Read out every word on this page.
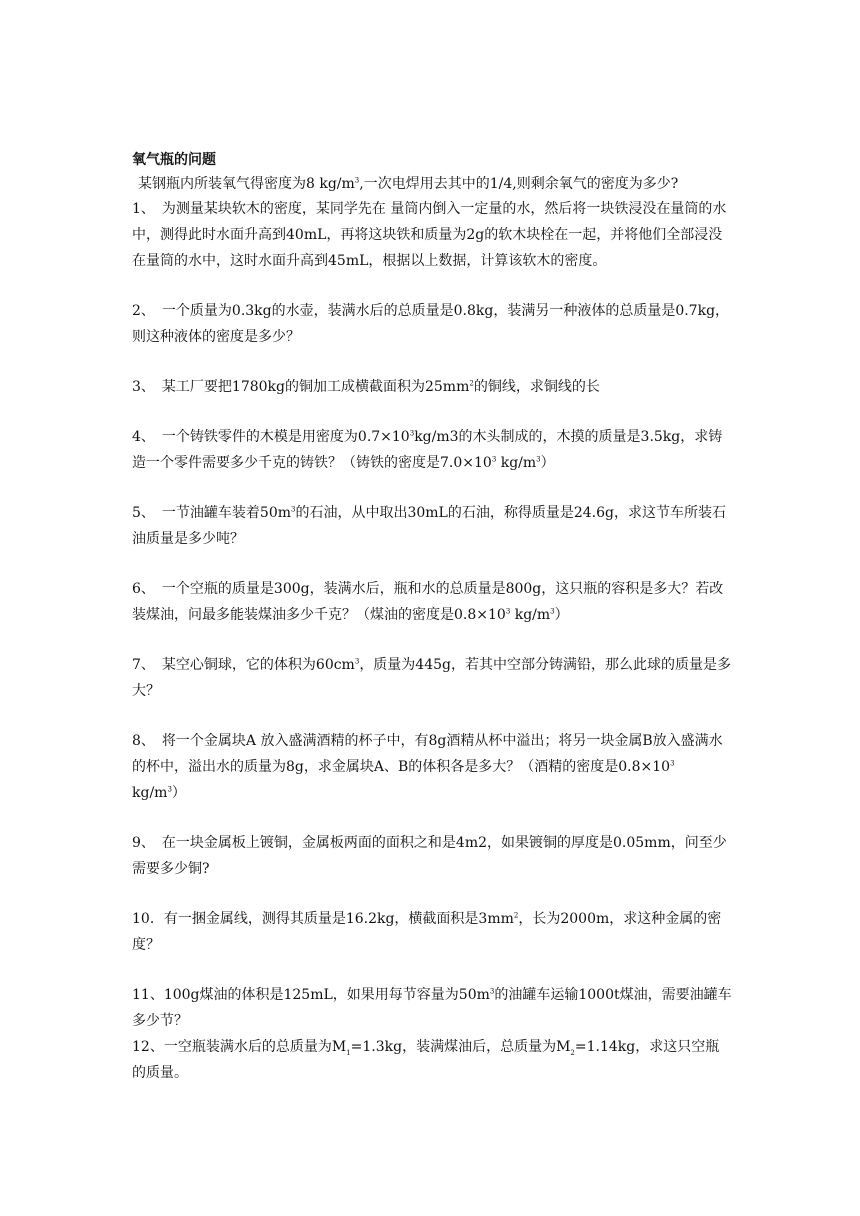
氧气瓶的问题

某钢瓶内所装氧气得密度为8 $kg/m^3$,一次电焊用去其中的1/4,则剩余氧气的密度为多少?

1、　为测量某块软木的密度，某同学先在 量筒内倒入一定量的水，然后将一块铁浸没在量筒的水中，测得此时水面升高到40mL，再将这块铁和质量为2g的软木块栓在一起，并将他们全部浸没在量筒的水中，这时水面升高到45mL，根据以上数据，计算该软木的密度。

2、　一个质量为0.3kg的水壶，装满水后的总质量是0.8kg，装满另一种液体的总质量是0.7kg，则这种液体的密度是多少？

3、　某工厂要把1780kg的铜加工成横截面积为$25mm^2$的铜线，求铜线的长

4、　一个铸铁零件的木模是用密度为$0.7\times 10^3kg/m3$的木头制成的，木摸的质量是3.5kg，求铸造一个零件需要多少千克的铸铁？（铸铁的密度是$7.0\times 10^3$ $kg/m^3$）

5、　一节油罐车装着$50m^3$的石油，从中取出30mL的石油，称得质量是24.6g，求这节车所装石油质量是多少吨？

6、　一个空瓶的质量是300g，装满水后，瓶和水的总质量是800g，这只瓶的容积是多大？若改装煤油，问最多能装煤油多少千克？（煤油的密度是$0.8\times 10^3$ $kg/m^3$）

7、　某空心铜球，它的体积为$60cm^3$，质量为445g，若其中空部分铸满铅，那么此球的质量是多大？

8、　将一个金属块A 放入盛满酒精的杯子中，有8g酒精从杯中溢出；将另一块金属B放入盛满水的杯中，溢出水的质量为8g，求金属块A、B的体积各是多大？（酒精的密度是$0.8\times 10^3$ $kg/m^3$）

9、　在一块金属板上镀铜，金属板两面的面积之和是4m2，如果镀铜的厚度是0.05mm，问至少需要多少铜?

10．有一捆金属线，测得其质量是16.2kg，横截面积是$3mm^2$，长为2000m，求这种金属的密度？

11、100g煤油的体积是125mL，如果用每节容量为$50m^3$的油罐车运输1000t煤油，需要油罐车多少节？

12、一空瓶装满水后的总质量为$M_1=1.3kg$，装满煤油后，总质量为$M_2=1.14kg$，求这只空瓶的质量。
